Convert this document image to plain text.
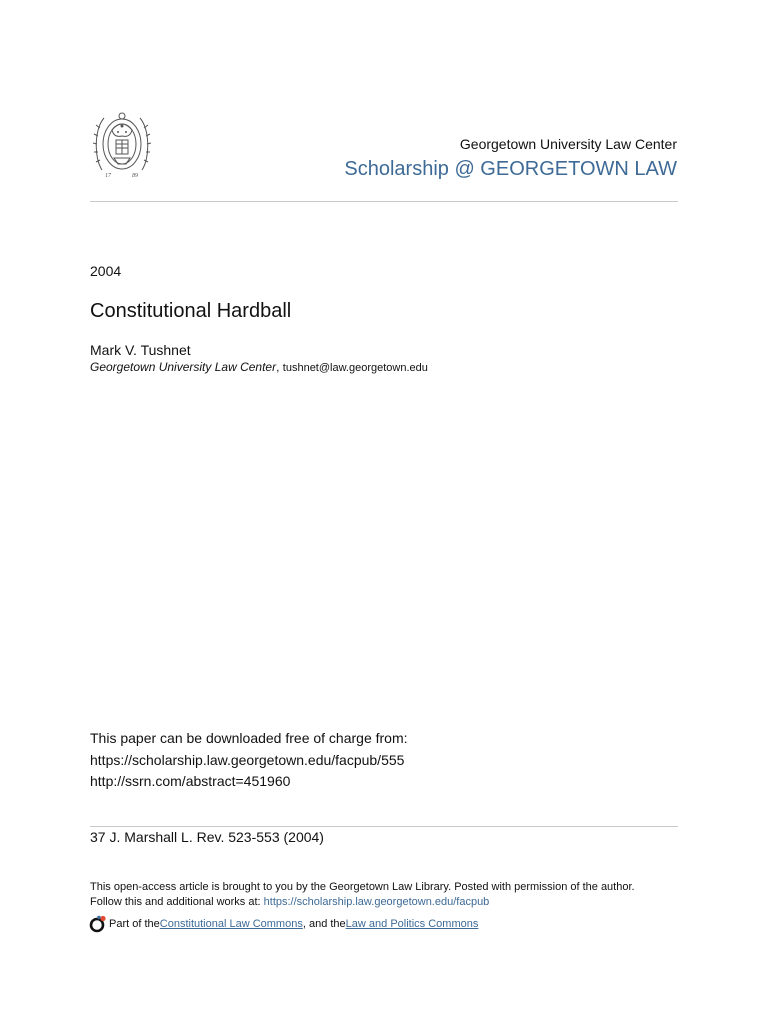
17	89
Georgetown University Law Center
Scholarship @ GEORGETOWN LAW
2004
Constitutional Hardball
Mark V. Tushnet
Georgetown University Law Center, tushnet@law.georgetown.edu
This paper can be downloaded free of charge from:
https://scholarship.law.georgetown.edu/facpub/555
http://ssrn.com/abstract=451960
37 J. Marshall L. Rev. 523-553 (2004)
This open-access article is brought to you by the Georgetown Law Library. Posted with permission of the author.
Follow this and additional works at: https://scholarship.law.georgetown.edu/facpub
Part of the Constitutional Law Commons , and the Law and Politics Commons
